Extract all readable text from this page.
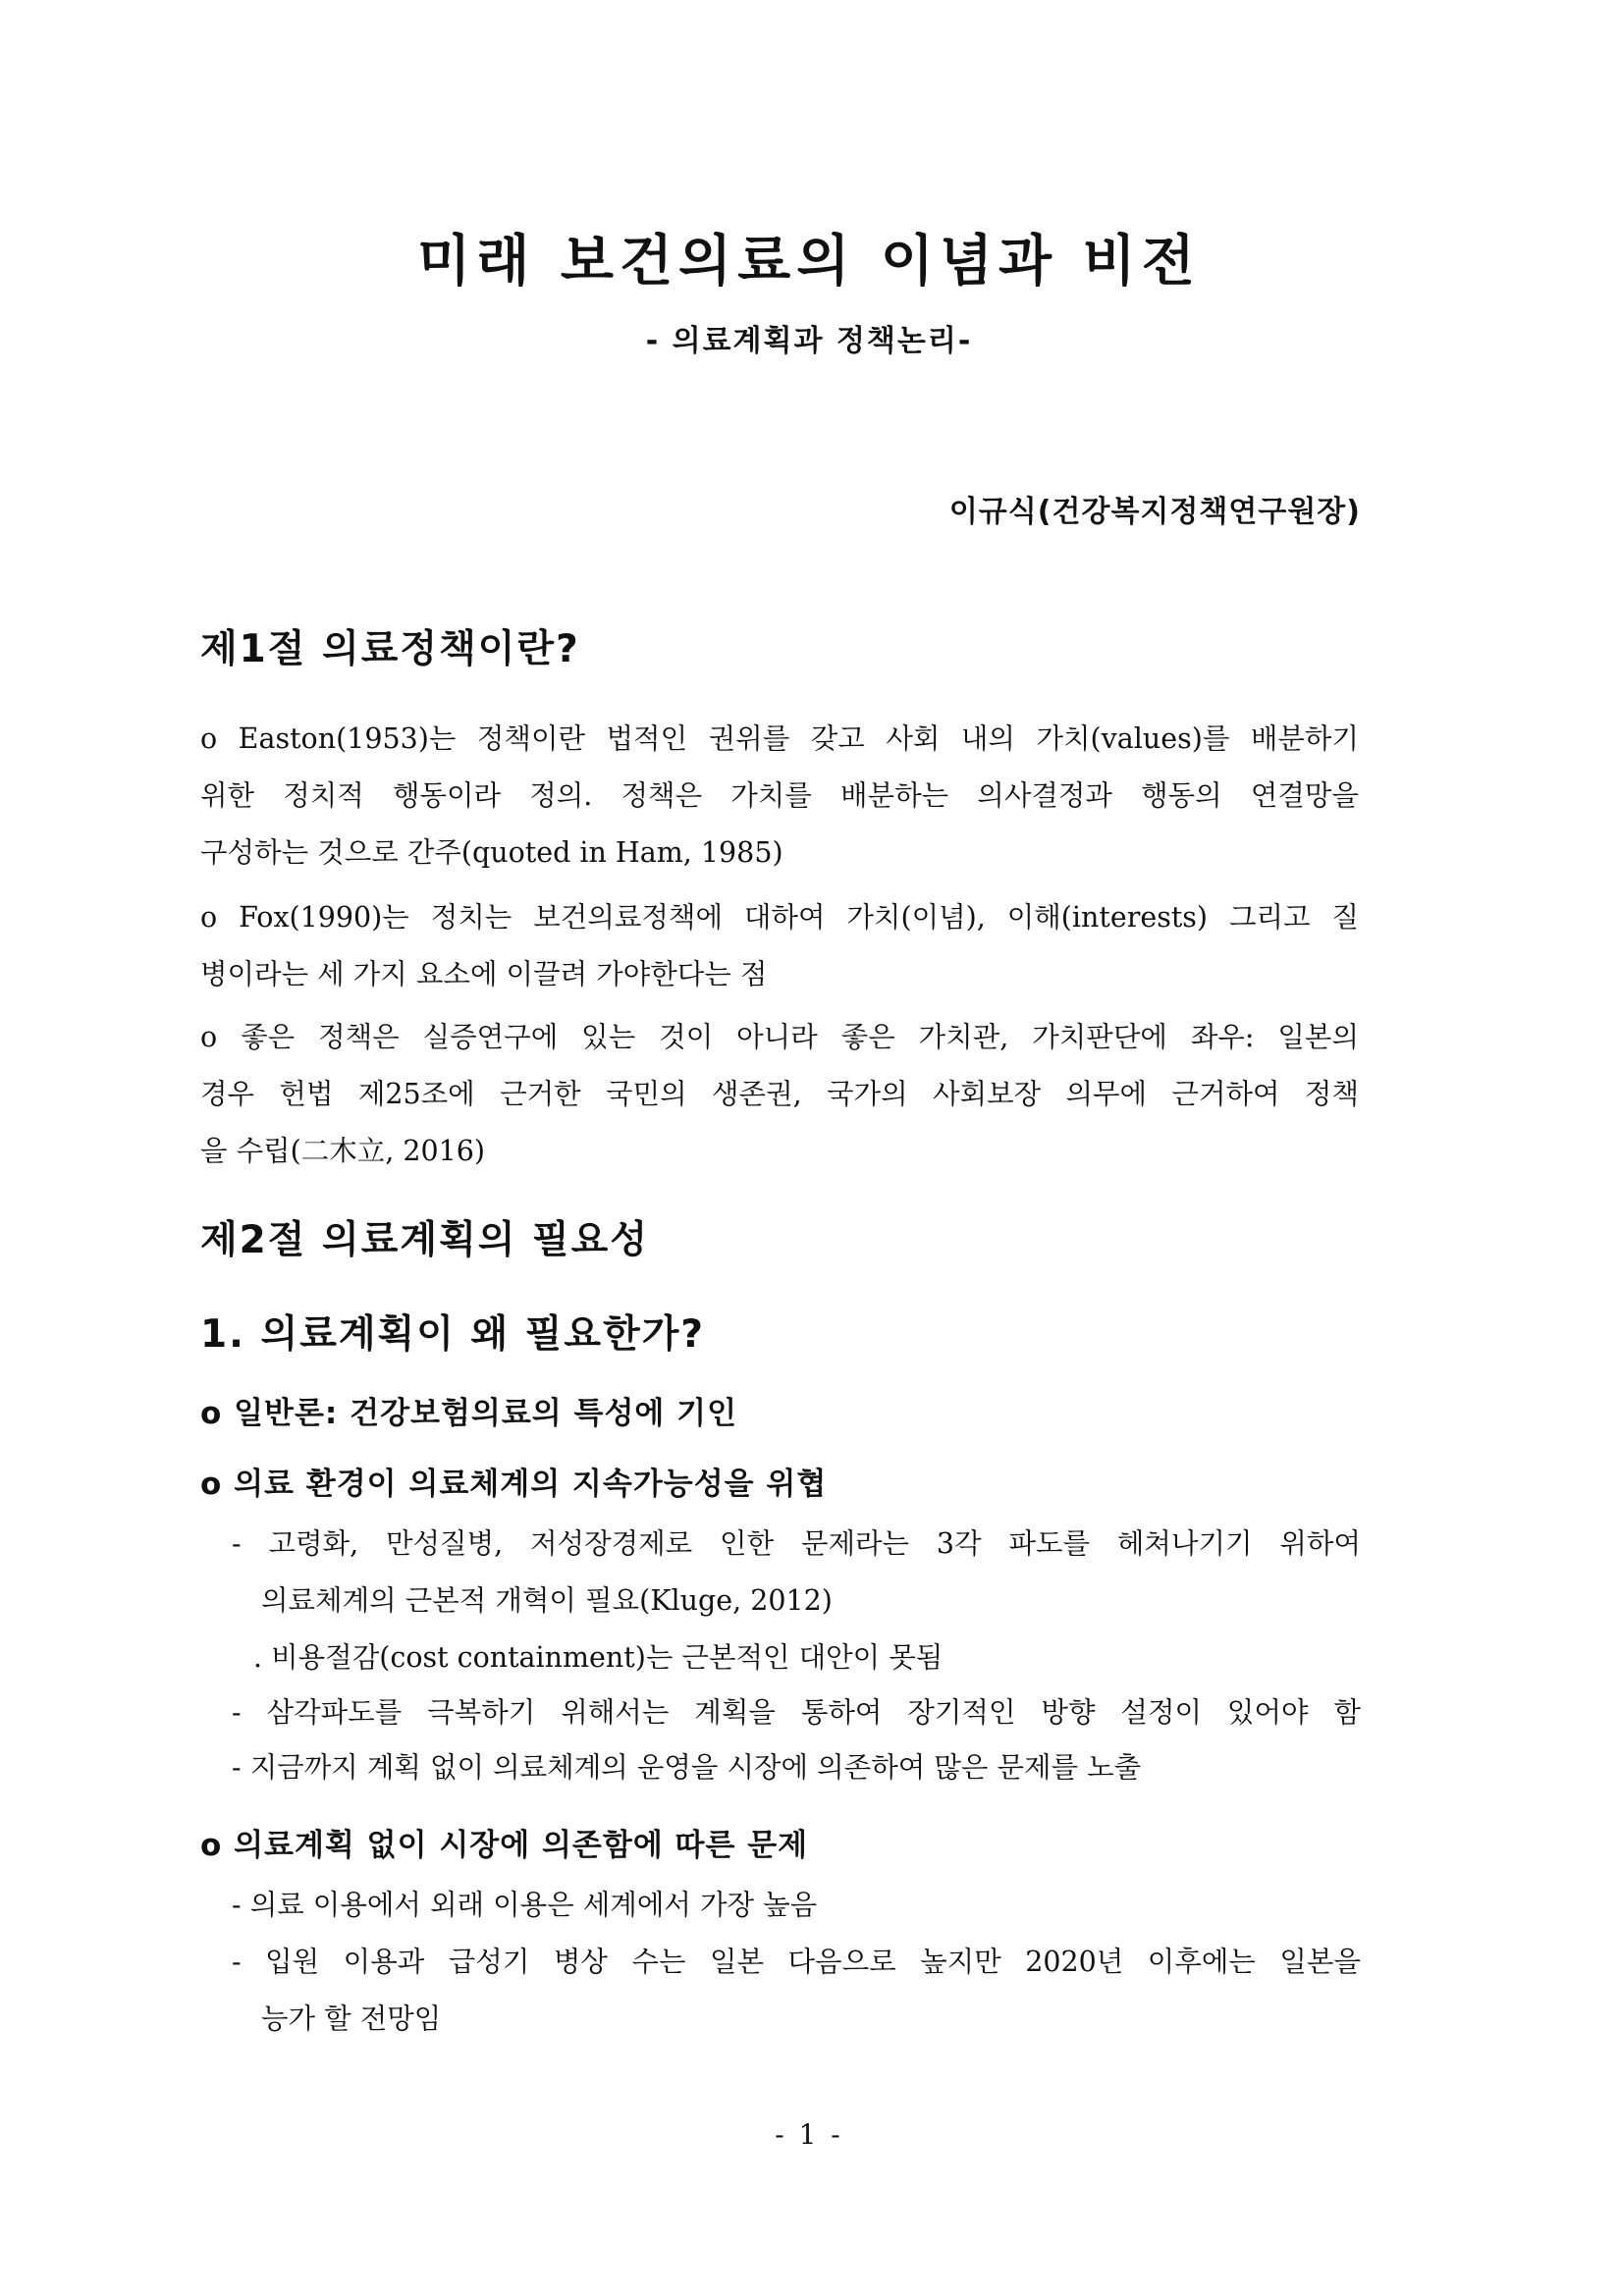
미래 보건의료의 이념과 비전
- 의료계획과 정책논리-
이규식(건강복지정책연구원장)
제1절 의료정책이란?
o Easton(1953)는 정책이란 법적인 권위를 갖고 사회 내의 가치(values)를 배분하기
위한 정치적 행동이라 정의. 정책은 가치를 배분하는 의사결정과 행동의 연결망을
구성하는 것으로 간주(quoted in Ham, 1985)
o Fox(1990)는 정치는 보건의료정책에 대하여 가치(이념), 이해(interests) 그리고 질
병이라는 세 가지 요소에 이끌려 가야한다는 점
o 좋은 정책은 실증연구에 있는 것이 아니라 좋은 가치관, 가치판단에 좌우: 일본의
경우 헌법 제25조에 근거한 국민의 생존권, 국가의 사회보장 의무에 근거하여 정책
을 수립(二木立, 2016)
제2절 의료계획의 필요성
1. 의료계획이 왜 필요한가?
o 일반론: 건강보험의료의 특성에 기인
o 의료 환경이 의료체계의 지속가능성을 위협
- 고령화, 만성질병, 저성장경제로 인한 문제라는 3각 파도를 헤쳐나기기 위하여
의료체계의 근본적 개혁이 필요(Kluge, 2012)
. 비용절감(cost containment)는 근본적인 대안이 못됨
- 삼각파도를 극복하기 위해서는 계획을 통하여 장기적인 방향 설정이 있어야 함
- 지금까지 계획 없이 의료체계의 운영을 시장에 의존하여 많은 문제를 노출
o 의료계획 없이 시장에 의존함에 따른 문제
- 의료 이용에서 외래 이용은 세계에서 가장 높음
- 입원 이용과 급성기 병상 수는 일본 다음으로 높지만 2020년 이후에는 일본을
능가 할 전망임
- 1 -
